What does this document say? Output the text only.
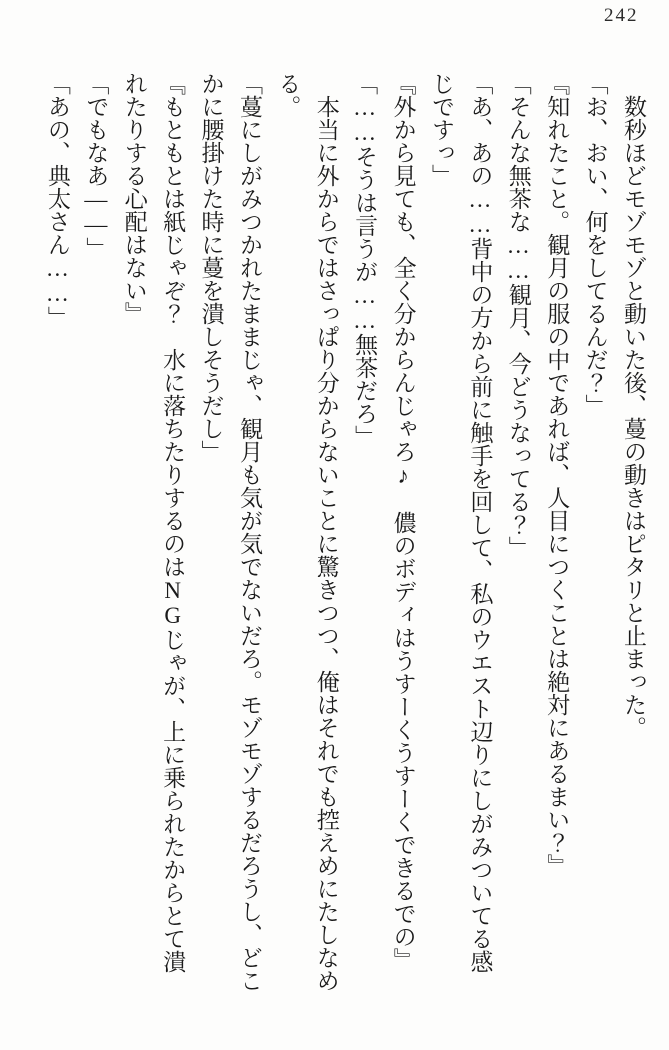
242

数秒ほどモゾモゾと動いた後、蔓の動きはピタリと止まった。

「お、おい、何をしてるんだ？」

『知れたこと。観月の服の中であれば、人目につくことは絶対にあるまい？』

「そんな無茶な……観月、今どうなってる？」

「あ、あの……背中の方から前に触手を回して、私のウエスト辺りにしがみついてる感じですっ」

『外から見ても、全く分からんじゃろ♪　儂のボディはうすーくうすーくできるでの』

「……そうは言うが……無茶だろ」

本当に外からではさっぱり分からないことに驚きつつ、俺はそれでも控えめにたしなめる。

「蔓にしがみつかれたままじゃ、観月も気が気でないだろ。モゾモゾするだろうし、どこかに腰掛けた時に蔓を潰しそうだし」

『もともとは紙じゃぞ？　水に落ちたりするのはNGじゃが、上に乗られたからとて潰れたりする心配はない』

「でもなあ――」

「あの、典太さん……」
